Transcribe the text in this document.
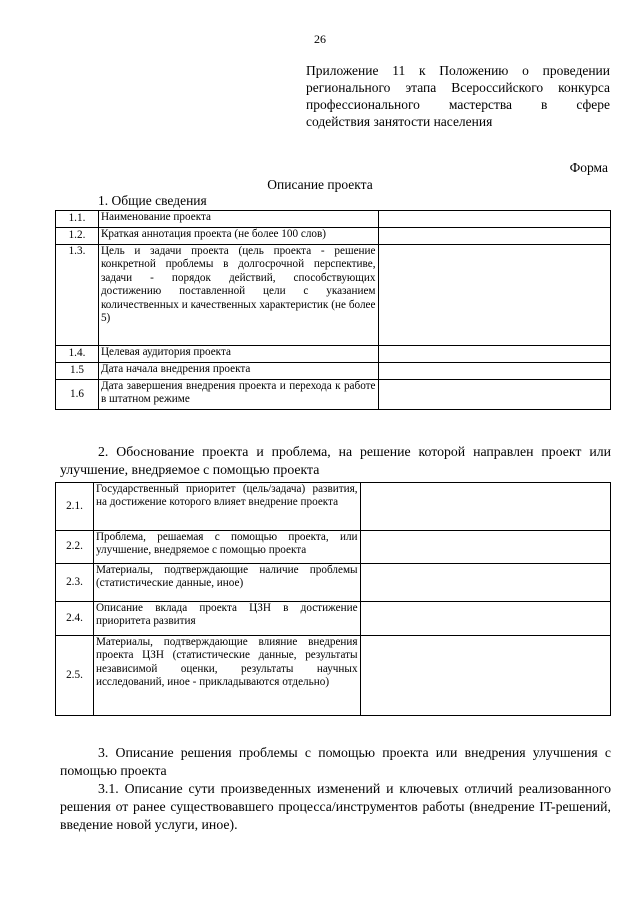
26
Приложение 11 к Положению о проведении
регионального этапа Всероссийского конкурса
профессионального мастерства в сфере
содействия занятости населения
Форма
Описание проекта
1. Общие сведения
1.1.	Наименование проекта	
1.2.	Краткая аннотация проекта (не более 100 слов)	
1.3.	Цель и задачи проекта (цель проекта - решение конкретной проблемы в долгосрочной перспективе, задачи - порядок действий, способствующих достижению поставленной цели с указанием количественных и качественных характеристик (не более 5)	
1.4.	Целевая аудитория проекта	
1.5	Дата начала внедрения проекта	
1.6	Дата завершения внедрения проекта и перехода к работе в штатном режиме	
2. Обоснование проекта и проблема, на решение которой направлен проект или улучшение, внедряемое с помощью проекта
2.1.	Государственный приоритет (цель/задача) развития, на достижение которого влияет внедрение проекта	
2.2.	Проблема, решаемая с помощью проекта, или улучшение, внедряемое с помощью проекта	
2.3.	Материалы, подтверждающие наличие проблемы (статистические данные, иное)	
2.4.	Описание вклада проекта ЦЗН в достижение приоритета развития	
2.5.	Материалы, подтверждающие влияние внедрения проекта ЦЗН (статистические данные, результаты независимой оценки, результаты научных исследований, иное - прикладываются отдельно)	
3. Описание решения проблемы с помощью проекта или внедрения улучшения с помощью проекта
3.1. Описание сути произведенных изменений и ключевых отличий реализованного решения от ранее существовавшего процесса/инструментов работы (внедрение IT-решений, введение новой услуги, иное).
